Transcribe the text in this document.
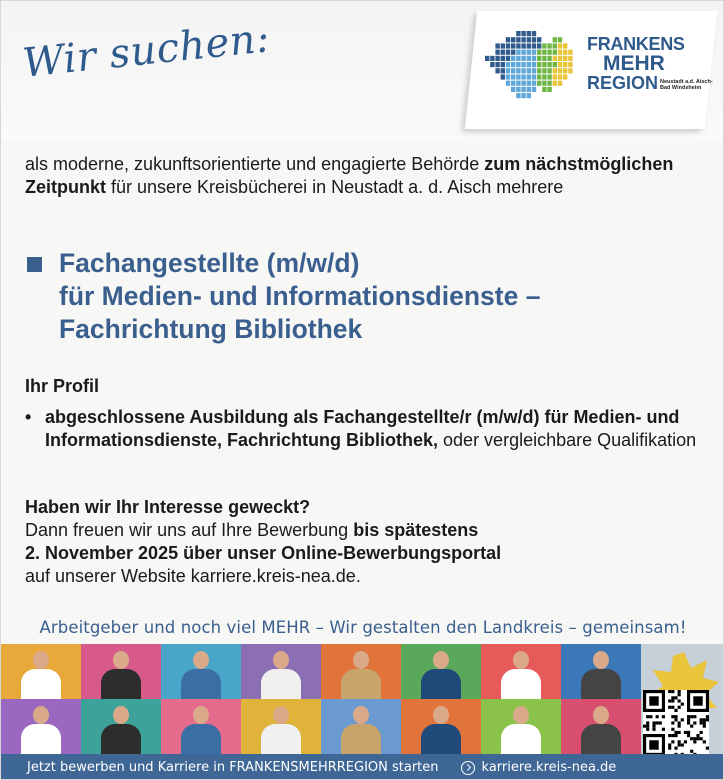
Wir suchen:	FRANKENS
MEHR
REGION Neustadt a.d. Aisch-
Bad Windsheim
als moderne, zukunftsorientierte und engagierte Behörde zum nächstmöglichen Zeitpunkt für unsere Kreisbücherei in Neustadt a. d. Aisch mehrere
Fachangestellte (m/w/d)
für Medien- und Informationsdienste –
Fachrichtung Bibliothek
Ihr Profil
• abgeschlossene Ausbildung als Fachangestellte/r (m/w/d) für Medien- und Informationsdienste, Fachrichtung Bibliothek, oder vergleichbare Qualifikation
Haben wir Ihr Interesse geweckt?
Dann freuen wir uns auf Ihre Bewerbung bis spätestens
2. November 2025 über unser Online-Bewerbungsportal
auf unserer Website karriere.kreis-nea.de.
Arbeitgeber und noch viel MEHR – Wir gestalten den Landkreis – gemeinsam!
Jetzt bewerben und Karriere in FRANKENSMEHRREGION starten	karriere.kreis-nea.de
